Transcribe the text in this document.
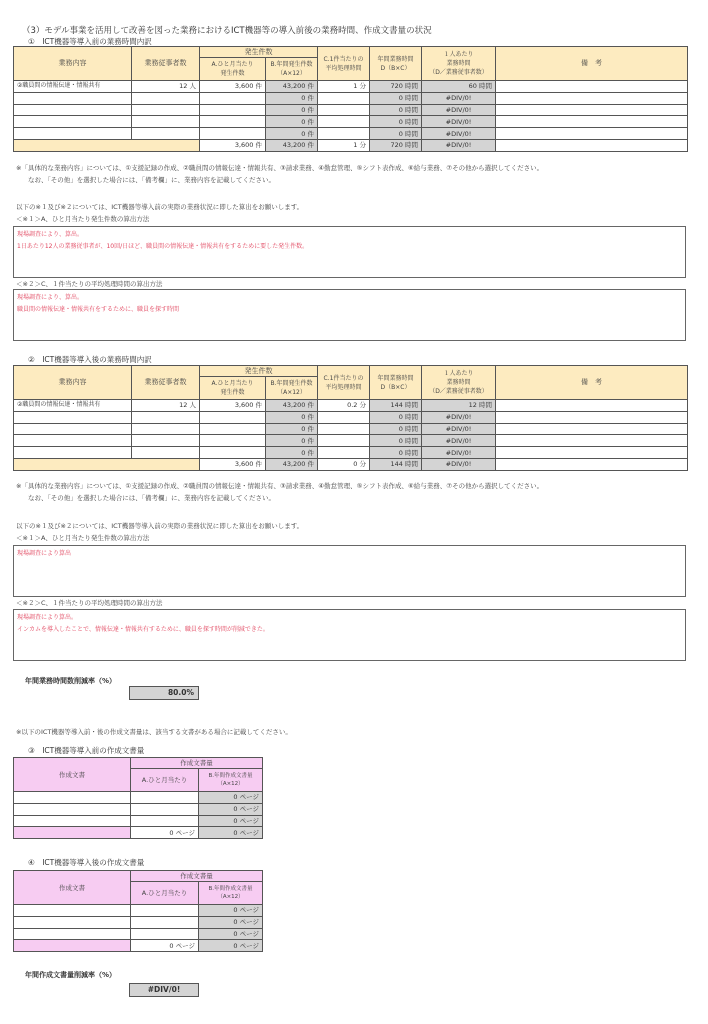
（3）モデル事業を活用して改善を図った業務におけるICT機器等の導入前後の業務時間、作成文書量の状況
①　ICT機器等導入前の業務時間内訳
業務内容	業務従事者数	発生件数		C.1件当たりの
平均処理時間	年間業務時間
D（B×C）	１人あたり
業務時間
（D／業務従事者数）	備　考
		A.ひと月当たり
発生件数	B.年間発生件数
（A×12）				
②職員間の情報伝達・情報共有	12 人	3,600 件	43,200 件	1 分	720 時間	60 時間	
			0 件		0 時間	#DIV/0!	
			0 件		0 時間	#DIV/0!	
			0 件		0 時間	#DIV/0!	
			0 件		0 時間	#DIV/0!	
		3,600 件	43,200 件	1 分	720 時間	#DIV/0!	
※「具体的な業務内容」については、①支援記録の作成、②職員間の情報伝達・情報共有、③請求業務、④勤怠管理、⑤シフト表作成、⑥給与業務、⑦その他から選択してください。
なお、「その他」を選択した場合には、「備考欄」に、業務内容を記載してください。
以下の※１及び※２については、ICT機器等導入前の実際の業務状況に即した算出をお願いします。
＜※１＞A、ひと月当たり発生件数の算出方法
現場調査により、算出。
1日あたり12人の業務従事者が、10回/日ほど、職員間の情報伝達・情報共有をするために要した発生件数。
＜※２＞C、１件当たりの平均処理時間の算出方法
現場調査により、算出。
職員間の情報伝達・情報共有をするために、職員を探す時間
②　ICT機器等導入後の業務時間内訳
業務内容	業務従事者数	発生件数		C.1件当たりの
平均処理時間	年間業務時間
D（B×C）	１人あたり
業務時間
（D／業務従事者数）	備　考
		A.ひと月当たり
発生件数	B.年間発生件数
（A×12）				
②職員間の情報伝達・情報共有	12 人	3,600 件	43,200 件	0.2 分	144 時間	12 時間	
			0 件		0 時間	#DIV/0!	
			0 件		0 時間	#DIV/0!	
			0 件		0 時間	#DIV/0!	
			0 件		0 時間	#DIV/0!	
		3,600 件	43,200 件	0 分	144 時間	#DIV/0!	
※「具体的な業務内容」については、①支援記録の作成、②職員間の情報伝達・情報共有、③請求業務、④勤怠管理、⑤シフト表作成、⑥給与業務、⑦その他から選択してください。
なお、「その他」を選択した場合には、「備考欄」に、業務内容を記載してください。
以下の※１及び※２については、ICT機器等導入前の実際の業務状況に即した算出をお願いします。
＜※１＞A、ひと月当たり発生件数の算出方法
現場調査により算出
＜※２＞C、１件当たりの平均処理時間の算出方法
現場調査により算出。
インカムを導入したことで、情報伝達・情報共有するために、職員を探す時間が削減できた。
年間業務時間数削減率（%）
80.0%
※以下のICT機器等導入前・後の作成文書量は、該当する文書がある場合に記載してください。
③　ICT機器等導入前の作成文書量
作成文書	作成文書量	
	A.ひと月当たり	B.年間作成文書量
（A×12）
		0 ページ
		0 ページ
		0 ページ
	0 ページ	0 ページ
④　ICT機器等導入後の作成文書量
作成文書	作成文書量	
	A.ひと月当たり	B.年間作成文書量
（A×12）
		0 ページ
		0 ページ
		0 ページ
	0 ページ	0 ページ
年間作成文書量削減率（%）
#DIV/0!
